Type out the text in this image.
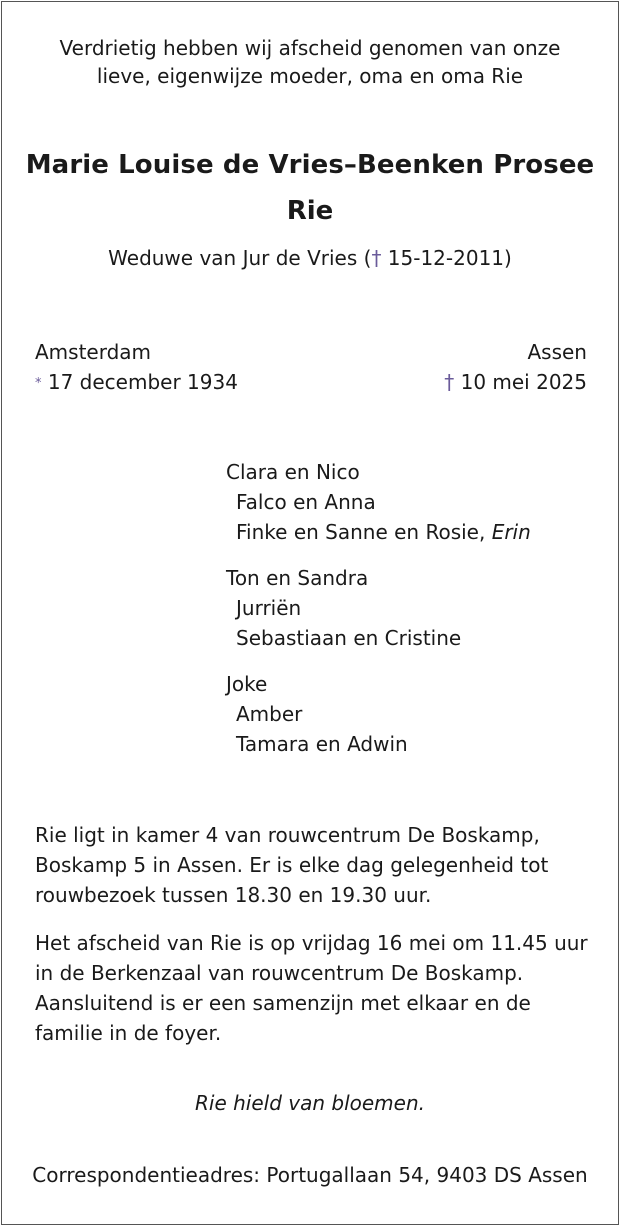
Verdrietig hebben wij afscheid genomen van onze
lieve, eigenwijze moeder, oma en oma Rie
Marie Louise de Vries–Beenken Prosee
Rie
Weduwe van Jur de Vries († 15-12-2011)
Amsterdam
* 17 december 1934
Assen
† 10 mei 2025
Clara en Nico
Falco en Anna
Finke en Sanne en Rosie, Erin
Ton en Sandra
Jurriën
Sebastiaan en Cristine
Joke
Amber
Tamara en Adwin
Rie ligt in kamer 4 van rouwcentrum De Boskamp,
Boskamp 5 in Assen. Er is elke dag gelegenheid tot
rouwbezoek tussen 18.30 en 19.30 uur.
Het afscheid van Rie is op vrijdag 16 mei om 11.45 uur
in de Berkenzaal van rouwcentrum De Boskamp.
Aansluitend is er een samenzijn met elkaar en de
familie in de foyer.
Rie hield van bloemen.
Correspondentieadres: Portugallaan 54, 9403 DS Assen
